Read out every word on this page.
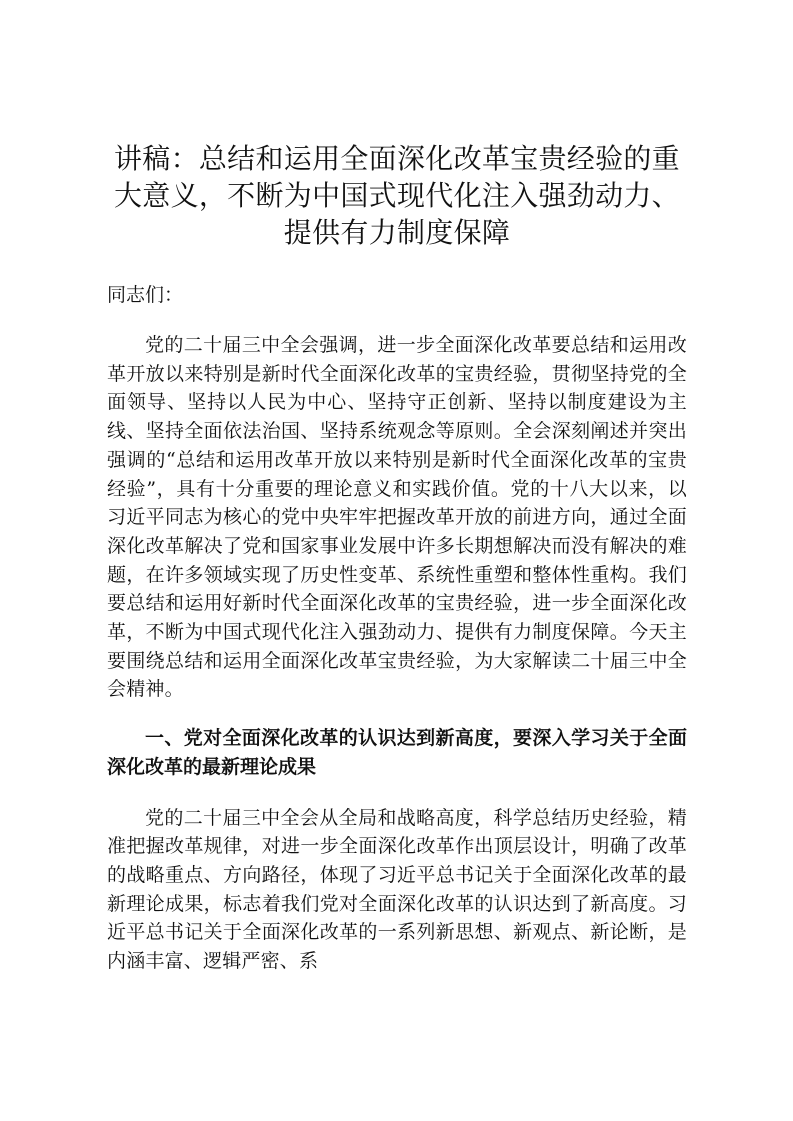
讲稿：总结和运用全面深化改革宝贵经验的重大意义，不断为中国式现代化注入强劲动力、提供有力制度保障
同志们：

党的二十届三中全会强调，进一步全面深化改革要总结和运用改革开放以来特别是新时代全面深化改革的宝贵经验，贯彻坚持党的全面领导、坚持以人民为中心、坚持守正创新、坚持以制度建设为主线、坚持全面依法治国、坚持系统观念等原则。全会深刻阐述并突出强调的“总结和运用改革开放以来特别是新时代全面深化改革的宝贵经验”，具有十分重要的理论意义和实践价值。党的十八大以来，以习近平同志为核心的党中央牢牢把握改革开放的前进方向，通过全面深化改革解决了党和国家事业发展中许多长期想解决而没有解决的难题，在许多领域实现了历史性变革、系统性重塑和整体性重构。我们要总结和运用好新时代全面深化改革的宝贵经验，进一步全面深化改革，不断为中国式现代化注入强劲动力、提供有力制度保障。今天主要围绕总结和运用全面深化改革宝贵经验，为大家解读二十届三中全会精神。

一、党对全面深化改革的认识达到新高度，要深入学习关于全面深化改革的最新理论成果

党的二十届三中全会从全局和战略高度，科学总结历史经验，精准把握改革规律，对进一步全面深化改革作出顶层设计，明确了改革的战略重点、方向路径，体现了习近平总书记关于全面深化改革的最新理论成果，标志着我们党对全面深化改革的认识达到了新高度。习近平总书记关于全面深化改革的一系列新思想、新观点、新论断，是内涵丰富、逻辑严密、系
